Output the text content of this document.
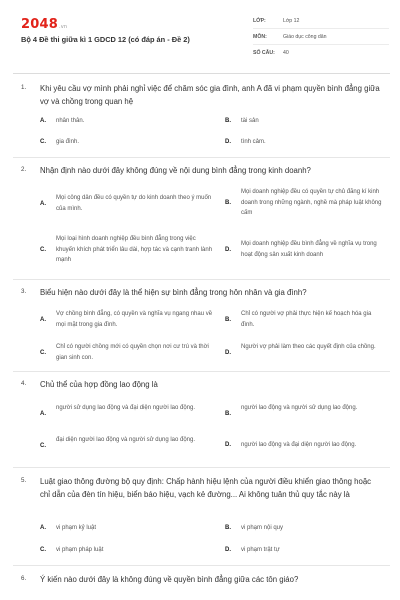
2048.vn
Bộ 4 Đề thi giữa kì 1 GDCD 12 (có đáp án - Đề 2)
LỚP:	Lớp 12
MÔN:	Giáo dục công dân
SỐ CÂU:	40
1. Khi yêu cầu vợ mình phải nghỉ việc để chăm sóc gia đình, anh A đã vi phạm quyền bình đẳng giữa vợ và chồng trong quan hệ
A.	nhân thân.	B.	tài sản
C.	gia đình.	D.	tình cảm.
2. Nhận định nào dưới đây không đúng về nội dung bình đẳng trong kinh doanh?
A.
Mọi công dân đều có quyền tự do kinh doanh theo ý muốn của mình.
B.
Mọi doanh nghiệp đều có quyền tự chủ đăng kí kinh doanh trong những ngành, nghề mà pháp luật không cấm
C.
Mọi loại hình doanh nghiệp đều bình đẳng trong việc khuyến khích phát triển lâu dài, hợp tác và cạnh tranh lành mạnh
D.
Mọi doanh nghiệp đều bình đẳng về nghĩa vụ trong hoạt động sản xuất kinh doanh
3. Biểu hiện nào dưới đây là thể hiện sự bình đẳng trong hôn nhân và gia đình?
A.
Vợ chồng bình đẳng, có quyền và nghĩa vụ ngang nhau về mọi mặt trong gia đình.
B.
Chỉ có người vợ phải thực hiện kế hoạch hóa gia đình.
C.
Chỉ có người chồng mới có quyền chọn nơi cư trú và thời gian sinh con.
D.
Người vợ phải làm theo các quyết định của chồng.
4. Chủ thể của hợp đồng lao động là
A.
người sử dụng lao động và đại diện người lao động.
B.
người lao động và người sử dụng lao động.
C.
đại diện người lao động và người sử dụng lao động.
D.	người lao động và đại diện người lao động.
5. Luật giao thông đường bộ quy định: Chấp hành hiệu lệnh của người điều khiển giao thông hoặc chỉ dẫn của đèn tín hiệu, biển báo hiệu, vạch kẻ đường... Ai không tuân thủ quy tắc này là
A.	vi phạm kỷ luật	B.	vi phạm nội quy
C.	vi phạm pháp luật	D.	vi phạm trật tự
6. Ý kiến nào dưới đây là không đúng về quyền bình đẳng giữa các tôn giáo?
